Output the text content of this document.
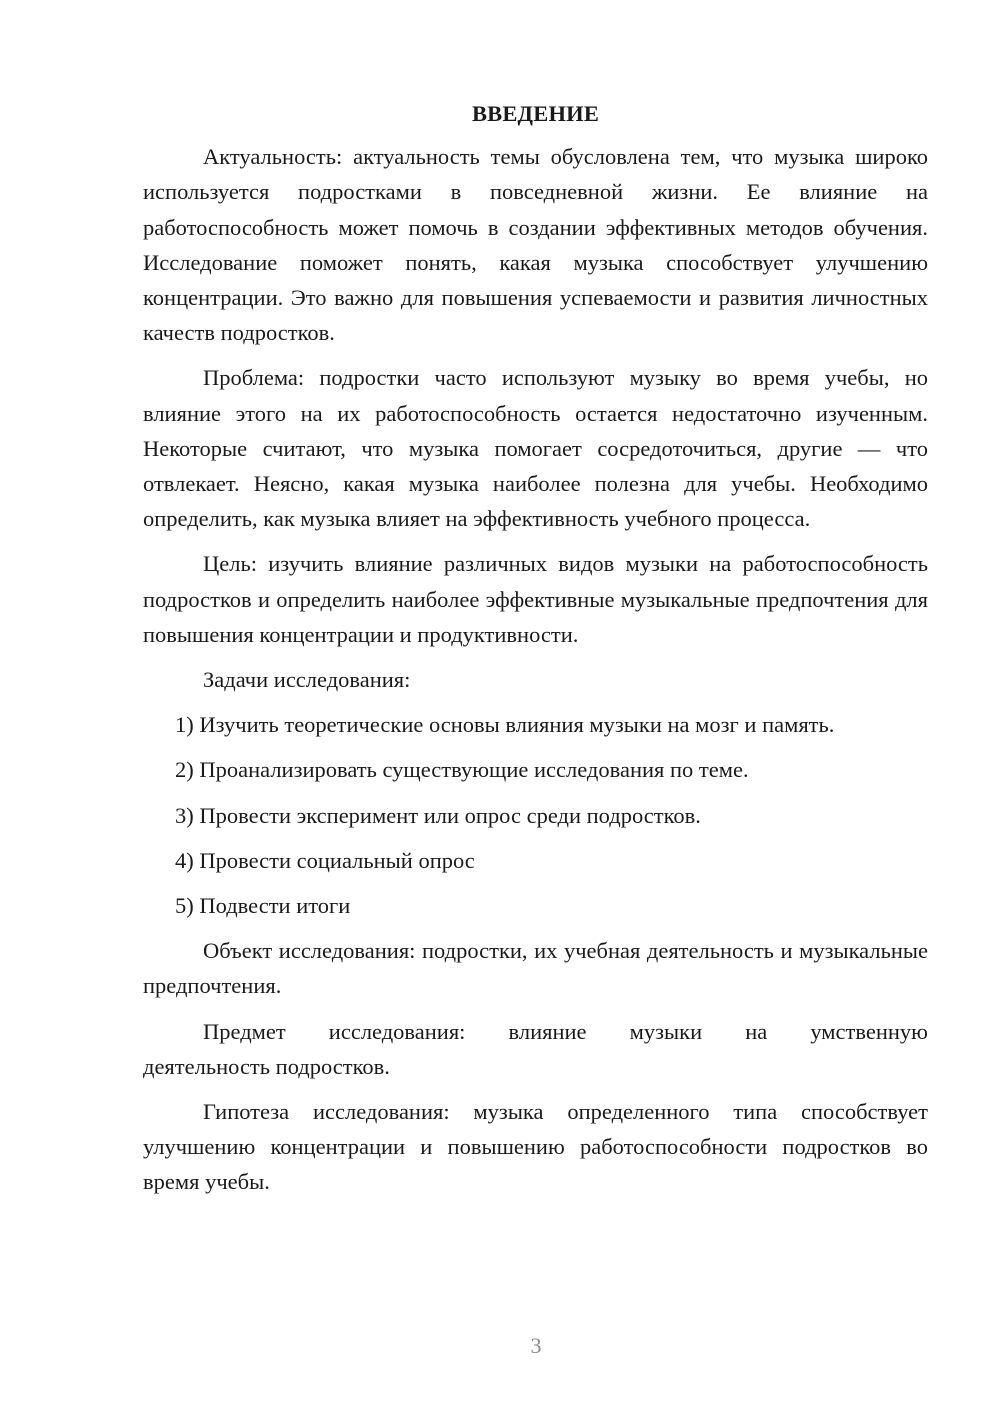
ВВЕДЕНИЕ

Актуальность: актуальность темы обусловлена тем, что музыка широко используется подростками в повседневной жизни. Ее влияние на работоспособность может помочь в создании эффективных методов обучения. Исследование поможет понять, какая музыка способствует улучшению концентрации. Это важно для повышения успеваемости и развития личностных качеств подростков.

Проблема: подростки часто используют музыку во время учебы, но влияние этого на их работоспособность остается недостаточно изученным. Некоторые считают, что музыка помогает сосредоточиться, другие — что отвлекает. Неясно, какая музыка наиболее полезна для учебы. Необходимо определить, как музыка влияет на эффективность учебного процесса.

Цель: изучить влияние различных видов музыки на работоспособность подростков и определить наиболее эффективные музыкальные предпочтения для повышения концентрации и продуктивности.

Задачи исследования:

1) Изучить теоретические основы влияния музыки на мозг и память.

2) Проанализировать существующие исследования по теме.

3) Провести эксперимент или опрос среди подростков.

4) Провести социальный опрос

5) Подвести итоги

Объект исследования: подростки, их учебная деятельность и музыкальные предпочтения.

Предмет исследования: влияние музыки на умственную

деятельность подростков.

Гипотеза исследования: музыка определенного типа способствует улучшению концентрации и повышению работоспособности подростков во время учебы.

3
